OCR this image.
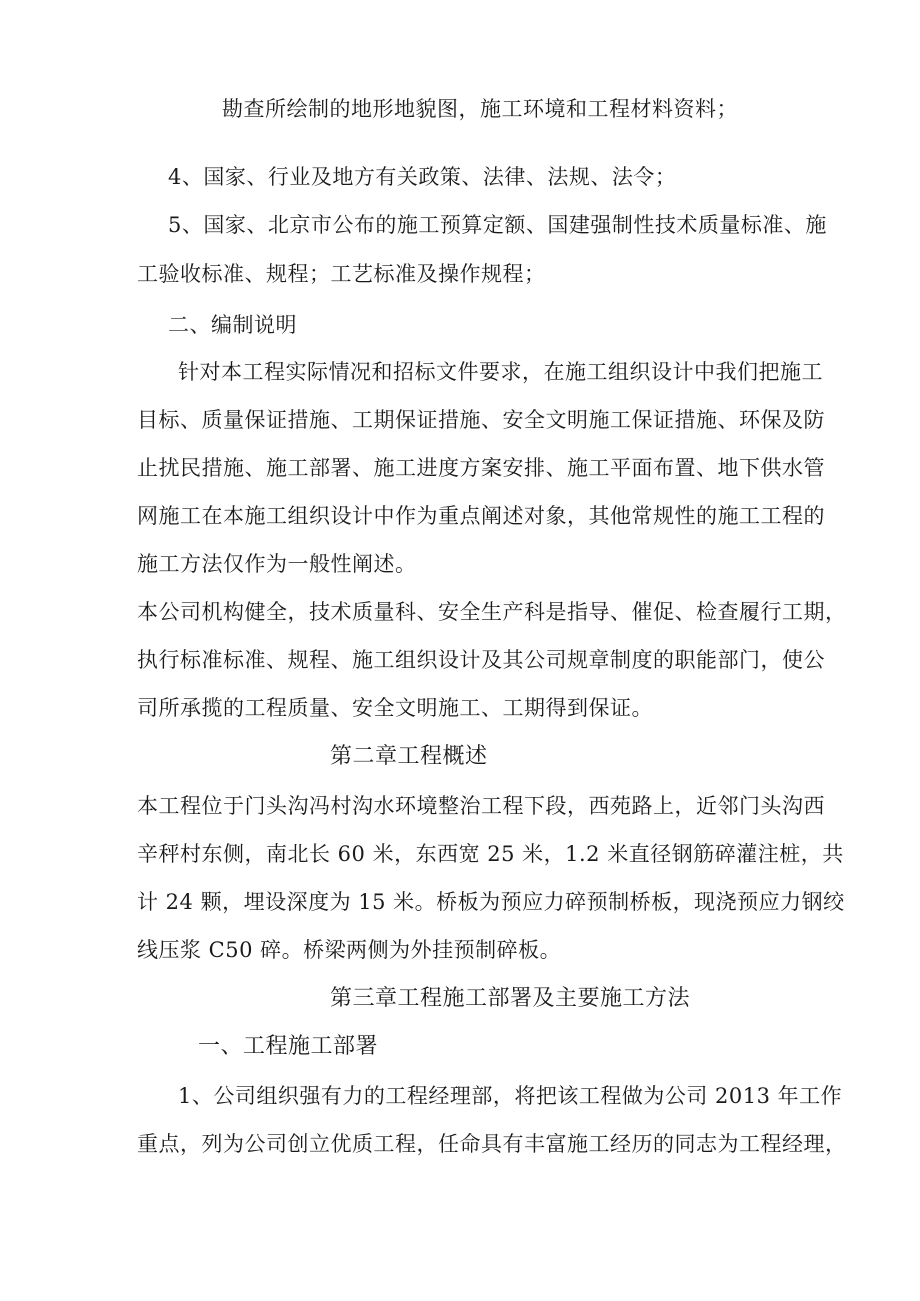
勘查所绘制的地形地貌图，施工环境和工程材料资料；
4、国家、行业及地方有关政策、法律、法规、法令；
5、国家、北京市公布的施工预算定额、国建强制性技术质量标准、施
工验收标准、规程；工艺标准及操作规程；
二、编制说明
针对本工程实际情况和招标文件要求，在施工组织设计中我们把施工
目标、质量保证措施、工期保证措施、安全文明施工保证措施、环保及防
止扰民措施、施工部署、施工进度方案安排、施工平面布置、地下供水管
网施工在本施工组织设计中作为重点阐述对象，其他常规性的施工工程的
施工方法仅作为一般性阐述。
本公司机构健全，技术质量科、安全生产科是指导、催促、检查履行工期，
执行标准标准、规程、施工组织设计及其公司规章制度的职能部门，使公
司所承揽的工程质量、安全文明施工、工期得到保证。
第二章工程概述
本工程位于门头沟冯村沟水环境整治工程下段，西苑路上，近邻门头沟西
辛秤村东侧，南北长 60 米，东西宽 25 米，1.2 米直径钢筋碎灌注桩，共
计 24 颗，埋设深度为 15 米。桥板为预应力碎预制桥板，现浇预应力钢绞
线压浆 C50 碎。桥梁两侧为外挂预制碎板。
第三章工程施工部署及主要施工方法
一、工程施工部署
1、公司组织强有力的工程经理部，将把该工程做为公司 2013 年工作
重点，列为公司创立优质工程，任命具有丰富施工经历的同志为工程经理，
